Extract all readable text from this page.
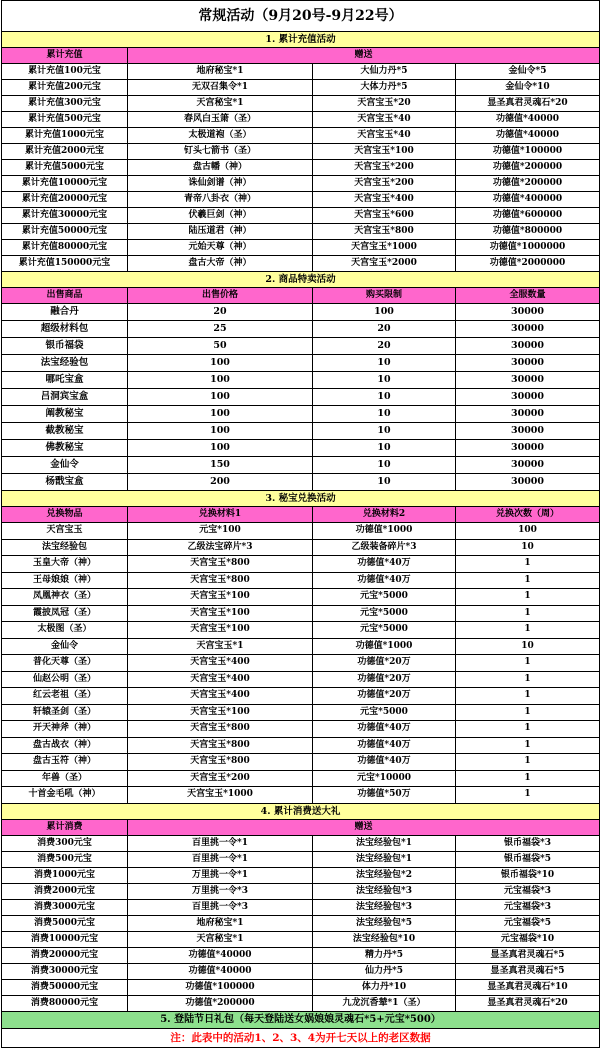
常规活动（9月20号-9月22号）			
1. 累计充值活动			
累计充值	赠送		
累计充值100元宝	地府秘宝*1	大仙力丹*5	金仙令*5
累计充值200元宝	无双召集令*1	大体力丹*5	金仙令*10
累计充值300元宝	天宫秘宝*1	天宫宝玉*20	显圣真君灵魂石*20
累计充值500元宝	春风白玉箫（圣）	天宫宝玉*40	功德值*40000
累计充值1000元宝	太极道袍（圣）	天宫宝玉*40	功德值*40000
累计充值2000元宝	钉头七箭书（圣）	天宫宝玉*100	功德值*100000
累计充值5000元宝	盘古幡（神）	天宫宝玉*200	功德值*200000
累计充值10000元宝	诛仙剑谱（神）	天宫宝玉*200	功德值*200000
累计充值20000元宝	青帝八卦衣（神）	天宫宝玉*400	功德值*400000
累计充值30000元宝	伏羲巨剑（神）	天宫宝玉*600	功德值*600000
累计充值50000元宝	陆压道君（神）	天宫宝玉*800	功德值*800000
累计充值80000元宝	元始天尊（神）	天宫宝玉*1000	功德值*1000000
累计充值150000元宝	盘古大帝（神）	天宫宝玉*2000	功德值*2000000
2. 商品特卖活动			
出售商品	出售价格	购买限制	全服数量
融合丹	20	100	30000
超级材料包	25	20	30000
银币福袋	50	20	30000
法宝经验包	100	10	30000
哪吒宝盒	100	10	30000
吕洞宾宝盒	100	10	30000
阐教秘宝	100	10	30000
截教秘宝	100	10	30000
佛教秘宝	100	10	30000
金仙令	150	10	30000
杨戬宝盒	200	10	30000
3. 秘宝兑换活动			
兑换物品	兑换材料1	兑换材料2	兑换次数（周）
天宫宝玉	元宝*100	功德值*1000	100
法宝经验包	乙级法宝碎片*3	乙级装备碎片*3	10
玉皇大帝（神）	天宫宝玉*800	功德值*40万	1
王母娘娘（神）	天宫宝玉*800	功德值*40万	1
凤凰神衣（圣）	天宫宝玉*100	元宝*5000	1
霞披凤冠（圣）	天宫宝玉*100	元宝*5000	1
太极图（圣）	天宫宝玉*100	元宝*5000	1
金仙令	天宫宝玉*1	功德值*1000	10
普化天尊（圣）	天宫宝玉*400	功德值*20万	1
仙赵公明（圣）	天宫宝玉*400	功德值*20万	1
红云老祖（圣）	天宫宝玉*400	功德值*20万	1
轩辕圣剑（圣）	天宫宝玉*100	元宝*5000	1
开天神斧（神）	天宫宝玉*800	功德值*40万	1
盘古战衣（神）	天宫宝玉*800	功德值*40万	1
盘古玉符（神）	天宫宝玉*800	功德值*40万	1
年兽（圣）	天宫宝玉*200	元宝*10000	1
十首金毛吼（神）	天宫宝玉*1000	功德值*50万	1
4. 累计消费送大礼			
累计消费	赠送		
消费300元宝	百里挑一令*1	法宝经验包*1	银币福袋*3
消费500元宝	百里挑一令*1	法宝经验包*1	银币福袋*5
消费1000元宝	万里挑一令*1	法宝经验包*2	银币福袋*10
消费2000元宝	万里挑一令*3	法宝经验包*3	元宝福袋*3
消费3000元宝	百里挑一令*3	法宝经验包*3	元宝福袋*3
消费5000元宝	地府秘宝*1	法宝经验包*5	元宝福袋*5
消费10000元宝	天宫秘宝*1	法宝经验包*10	元宝福袋*10
消费20000元宝	功德值*40000	精力丹*5	显圣真君灵魂石*5
消费30000元宝	功德值*40000	仙力丹*5	显圣真君灵魂石*5
消费50000元宝	功德值*100000	体力丹*10	显圣真君灵魂石*10
消费80000元宝	功德值*200000	九龙沉香辇*1（圣）	显圣真君灵魂石*20
5. 登陆节日礼包（每天登陆送女娲娘娘灵魂石*5+元宝*500）			
注：此表中的活动1、2、3、4为开七天以上的老区数据			
